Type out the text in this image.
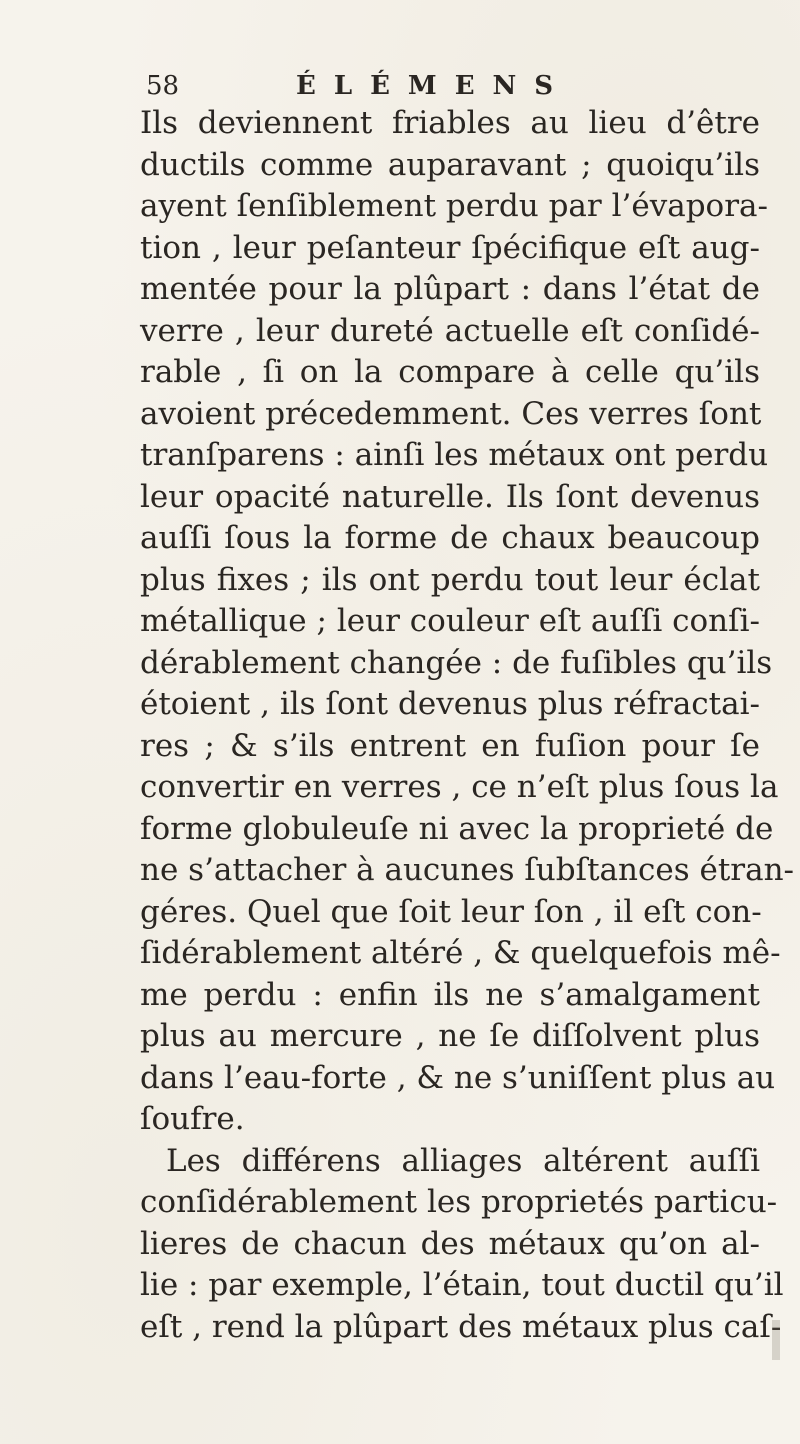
58	ÉLÉMENS
Ils deviennent friables au lieu d’être
ductils comme auparavant ; quoiqu’ils
ayent ſenſiblement perdu par l’évapora-
tion , leur peſanteur ſpécifique eſt aug-
mentée pour la plûpart : dans l’état de
verre , leur dureté actuelle eſt conſidé-
rable , ſi on la compare à celle qu’ils
avoient précedemment. Ces verres ſont
tranſparens : ainſi les métaux ont perdu
leur opacité naturelle. Ils ſont devenus
auſſi ſous la forme de chaux beaucoup
plus fixes ; ils ont perdu tout leur éclat
métallique ; leur couleur eſt auſſi conſi-
dérablement changée : de fuſibles qu’ils
étoient , ils ſont devenus plus réfractai-
res ; & s’ils entrent en fuſion pour ſe
convertir en verres , ce n’eſt plus ſous la
forme globuleuſe ni avec la proprieté de
ne s’attacher à aucunes ſubſtances étran-
géres. Quel que ſoit leur ſon , il eſt con-
ſidérablement altéré , & quelquefois mê-
me perdu : enfin ils ne s’amalgament
plus au mercure , ne ſe diſſolvent plus
dans l’eau-forte , & ne s’uniſſent plus au
ſoufre.
Les différens alliages altérent auſſi
conſidérablement les proprietés particu-
lieres de chacun des métaux qu’on al-
lie : par exemple, l’étain, tout ductil qu’il
eſt , rend la plûpart des métaux plus caſ-
